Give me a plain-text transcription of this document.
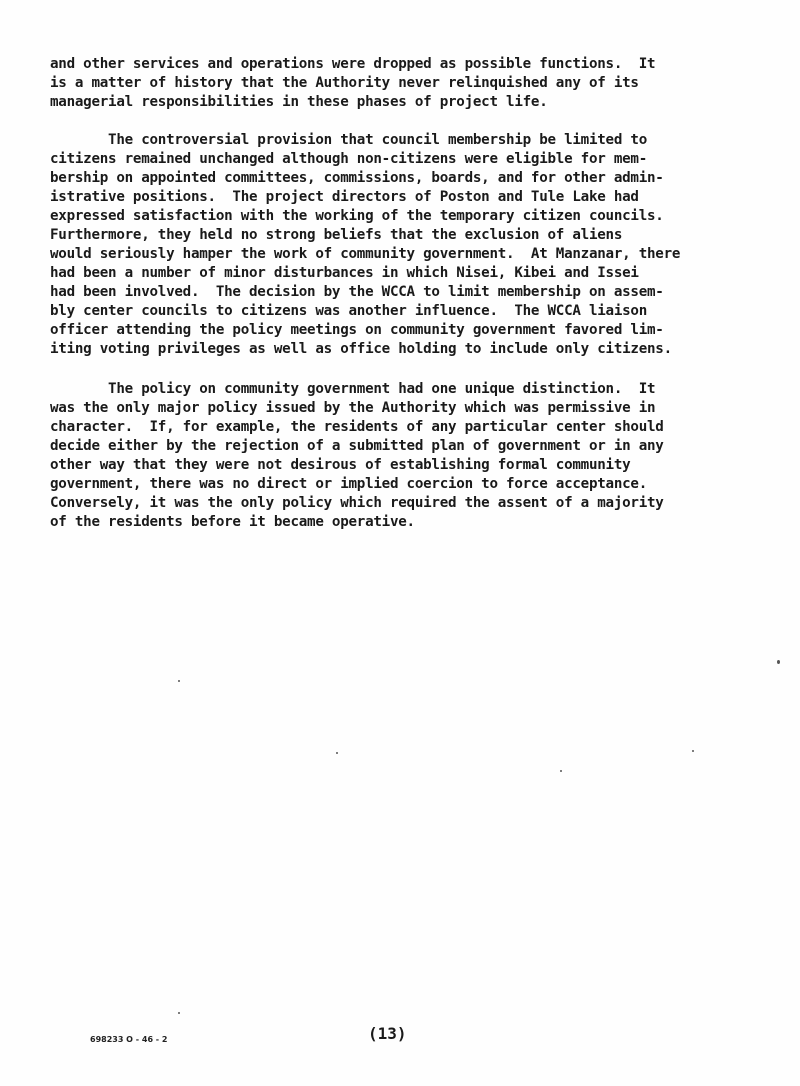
and other services and operations were dropped as possible functions.  It
is a matter of history that the Authority never relinquished any of its
managerial responsibilities in these phases of project life.
The controversial provision that council membership be limited to
citizens remained unchanged although non-citizens were eligible for mem-
bership on appointed committees, commissions, boards, and for other admin-
istrative positions.  The project directors of Poston and Tule Lake had
expressed satisfaction with the working of the temporary citizen councils.
Furthermore, they held no strong beliefs that the exclusion of aliens
would seriously hamper the work of community government.  At Manzanar, there
had been a number of minor disturbances in which Nisei, Kibei and Issei
had been involved.  The decision by the WCCA to limit membership on assem-
bly center councils to citizens was another influence.  The WCCA liaison
officer attending the policy meetings on community government favored lim-
iting voting privileges as well as office holding to include only citizens.
The policy on community government had one unique distinction.  It
was the only major policy issued by the Authority which was permissive in
character.  If, for example, the residents of any particular center should
decide either by the rejection of a submitted plan of government or in any
other way that they were not desirous of establishing formal community
government, there was no direct or implied coercion to force acceptance.
Conversely, it was the only policy which required the assent of a majority
of the residents before it became operative.
(13)
698233 O - 46 - 2
